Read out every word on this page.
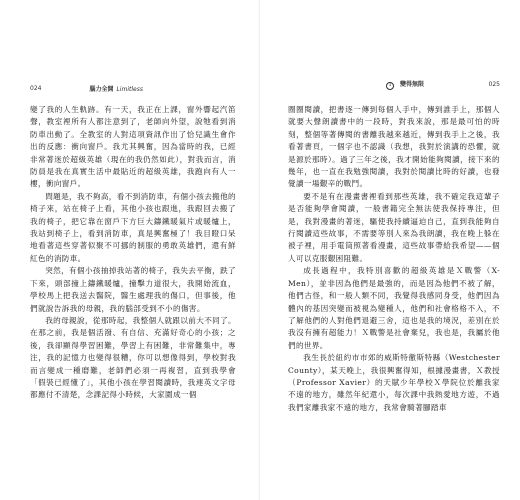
024	腦力全開 Limitless

變了我的人生軌跡。有一天，我正在上課，窗外響起汽笛聲，教室裡所有人都注意到了，老師向外望，說牠看到消防車出動了。全教室的人對這項資訊作出了恰兒識生會作出的反應：衝向窗戶。我尤其興奮，因為當時的我，已經非常著迷於超級英雄（現在的我仍然如此），對我而言，消防員是我在真實生活中最貼近的超級英雄，我跑向有人一樓，衝向窗戶。

問題是，我不夠高，看不到消防車，有個小孩去搬他的椅子來，站在椅子上看，其他小孩也跟進，我跟回去搬了我的椅子，把它靠在窗戶下方巨大鑄鐵暖氣片或暖爐上，我站到椅子上，看到消防車，真是興奮極了！我目瞪口呆地看著這些穿著似聚不可挪的制服的勇敢英雄們，還有鮮紅色的消防車。

突然，有個小孩抽掉我站著的椅子，我失去平衡，跌了下來，頭部撞上鑄鐵暖爐，撞擊力道很大，我開始流血，學校馬上把我送去醫院，醫生處理我的傷口，但事後，他們就說告訴我的母親，我的腦部受到不小的傷害。

我的母親說，從那時起，我整個人就跟以前大不同了。在那之前，我是個活潑、有自信、充滿好奇心的小孩；之後，我卻顯得學習困難，學習上有困難，非常難集中，專注，我的記憶力也變得很糟，你可以想像得到，學校對我而言變成一種磨難，老師們必須一再複習，直到我學會「假裝已經懂了」，其他小孩在學習閱讀時，我連英文字母都應付不清楚，念課記得小時候，大家圍成一個

1 變得無限	025

圈圈閱讀，把書逐一傳到每個人手中，傳到誰手上，那個人就要大聲朗讀書中的一段時，對我來說，那是最可怕的時刻，整個等著傳閱的書離我越來越近，傳到我手上之後，我看著書頁，一個字也不認識（我想，我對於演講的恐懼，就是源於那時）。過了三年之後，我才開始能夠閱讀，接下來的幾年，也一直在我勉強閱讀，我對於閱讀比時的好讀，也發覺讀一場艱辛的戰鬥。

要不是有在漫畫書裡看到那些英雄，我不確定我這輩子是否能夠學會閱讀，一般書籍完全無法使我保持專注，但是，我對漫畫的著迷，驅使我持續逼迫自己，直到我能夠自行閱讀這些故事，不需要等別人來為我朗讀，我在晚上躲在被子裡，用手電筒照著看漫畫，這些故事帶給我希望——個人可以克服艱困阻難。

成長過程中，我特別喜歡的超級英雄是Ｘ戰警（X-Men），並非因為他們是最強的，而是因為他們不被了解，他們古怪，和一般人類不同，我覺得我感同身受，他們因為體內的基因突變而被視為變種人，他們和社會格格不入，不了解他們的人對他們退避三舍，這也是我的境況，差別在於我沒有擁有超能力！Ｘ戰警是社會棄兒，我也是，我屬於他們的世界。

我生長於紐約市市郊的威斯特徹斯特縣（Westchester County），某天晚上，我很興奮得知，根據漫畫書，Ｘ教授（Professor Xavier）的天賦少年學校Ｘ學院位於離我家不遠的地方，雖然年紀還小，每次課中我熱愛地方遊，不過我們家離我家不遠的地方，我常會騎著腳踏車
